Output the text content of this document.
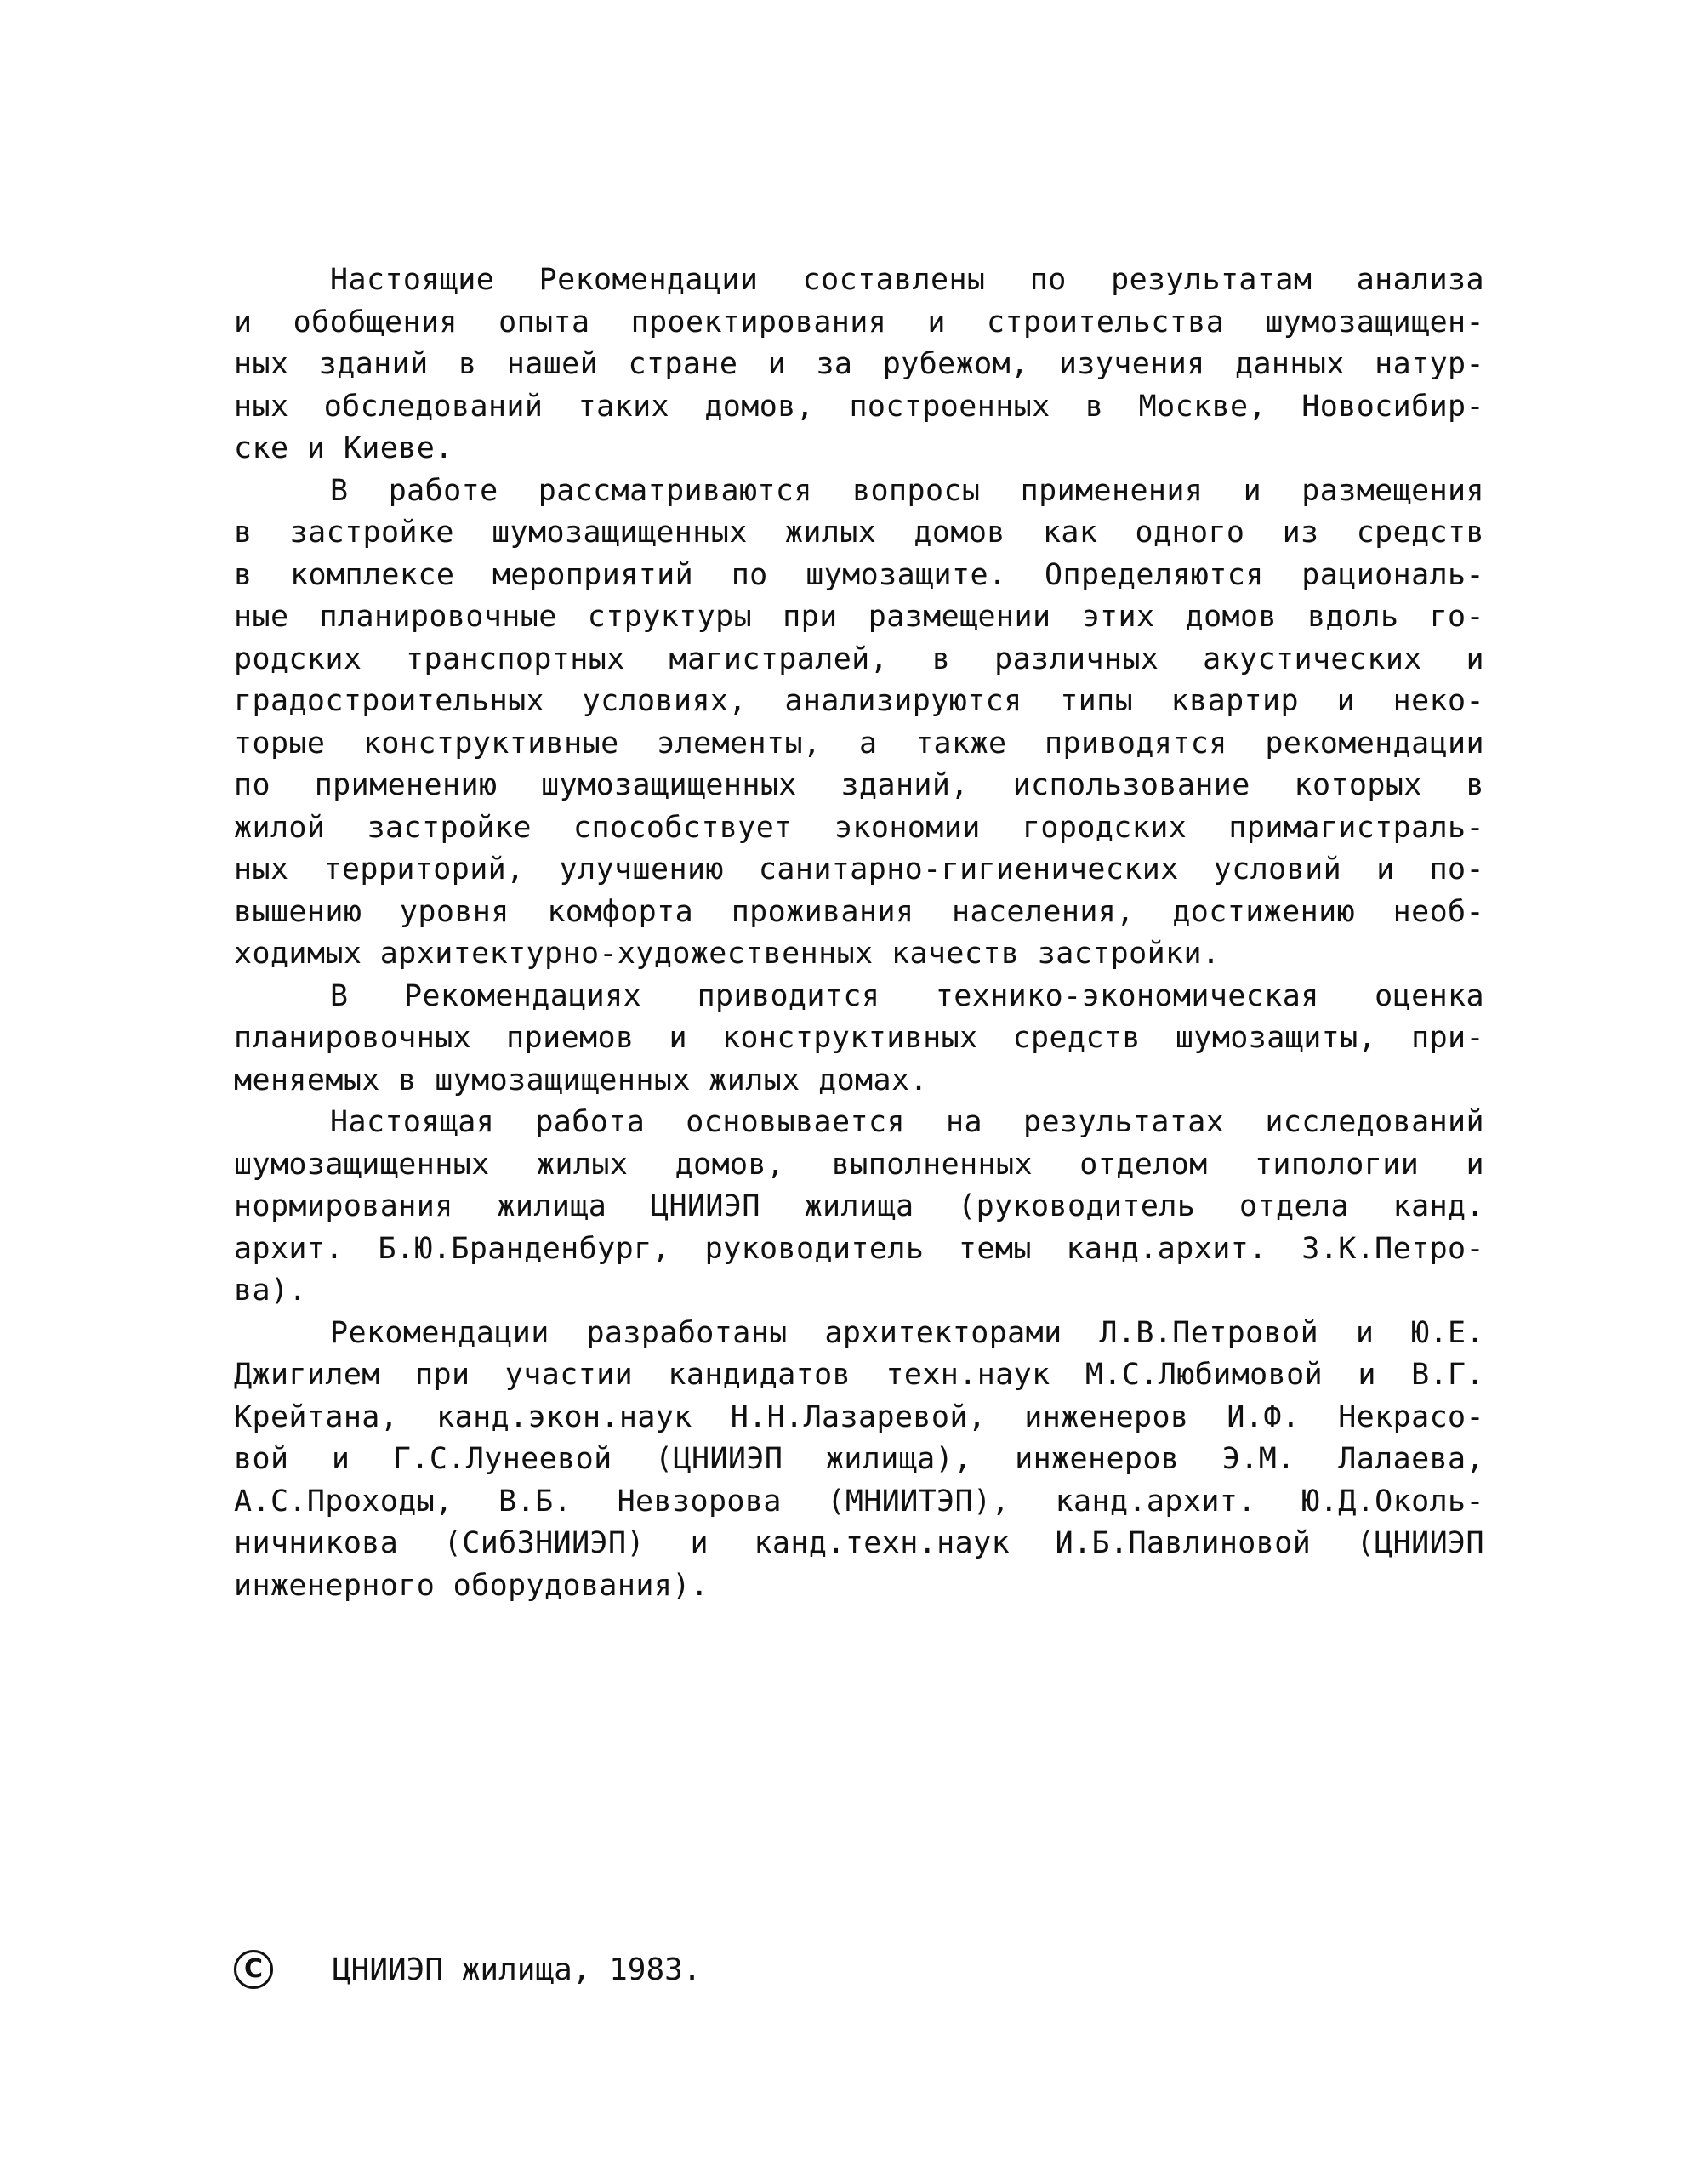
Настоящие Рекомендации составлены по результатам анализа
и обобщения опыта проектирования и строительства шумозащищен-
ных зданий в нашей стране и за рубежом, изучения данных натур-
ных обследований таких домов, построенных в Москве, Новосибир-
ске и Киеве.
В работе рассматриваются вопросы применения и размещения
в застройке шумозащищенных жилых домов как одного из средств
в комплексе мероприятий по шумозащите. Определяются рациональ-
ные планировочные структуры при размещении этих домов вдоль го-
родских транспортных магистралей, в различных акустических и
градостроительных условиях, анализируются типы квартир и неко-
торые конструктивные элементы, а также приводятся рекомендации
по применению шумозащищенных зданий, использование которых в
жилой застройке способствует экономии городских примагистраль-
ных территорий, улучшению санитарно-гигиенических условий и по-
вышению уровня комфорта проживания населения, достижению необ-
ходимых архитектурно-художественных качеств застройки.
В Рекомендациях приводится технико-экономическая оценка
планировочных приемов и конструктивных средств шумозащиты, при-
меняемых в шумозащищенных жилых домах.
Настоящая работа основывается на результатах исследований
шумозащищенных жилых домов, выполненных отделом типологии и
нормирования жилища ЦНИИЭП жилища (руководитель отдела канд.
архит. Б.Ю.Бранденбург, руководитель темы канд.архит. З.К.Петро-
ва).
Рекомендации разработаны архитекторами Л.В.Петровой и Ю.Е.
Джигилем при участии кандидатов техн.наук М.С.Любимовой и В.Г.
Крейтана, канд.экон.наук Н.Н.Лазаревой, инженеров И.Ф. Некрасо-
вой и Г.С.Лунеевой (ЦНИИЭП жилища), инженеров Э.М. Лалаева,
А.С.Проходы, В.Б. Невзорова (МНИИТЭП), канд.архит. Ю.Д.Околь-
ничникова (СибЗНИИЭП) и канд.техн.наук И.Б.Павлиновой (ЦНИИЭП
инженерного оборудования).
C	ЦНИИЭП жилища, 1983.
